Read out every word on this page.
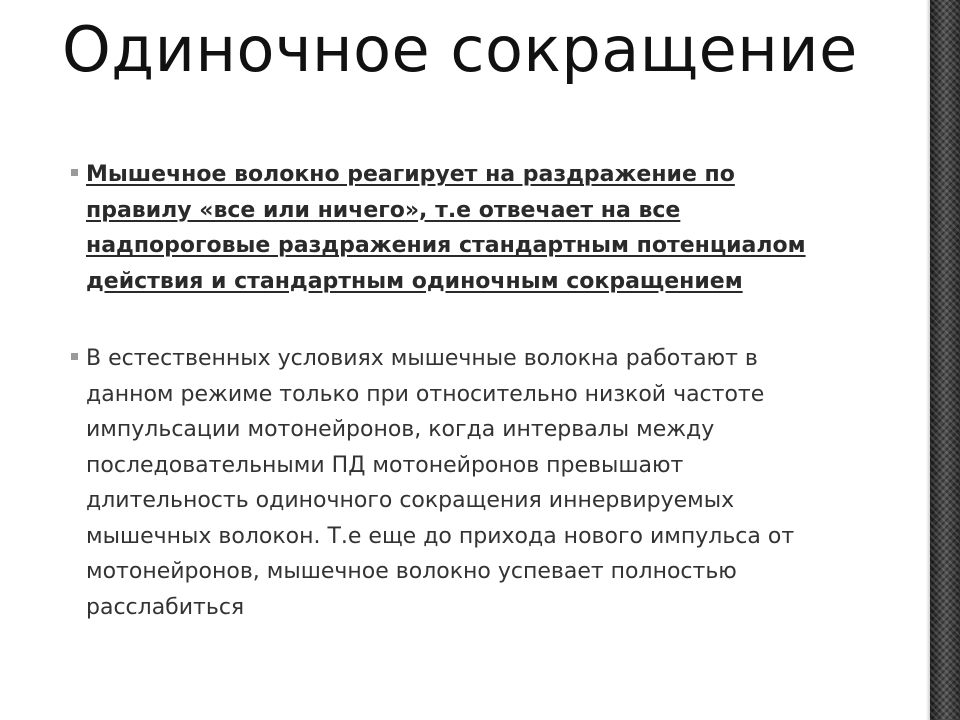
Одиночное сокращение
Мышечное волокно реагирует на раздражение по правилу «все или ничего», т.е отвечает на все надпороговые раздражения стандартным потенциалом действия и стандартным одиночным сокращением
В естественных условиях мышечные волокна работают в данном режиме только при относительно низкой частоте импульсации мотонейронов, когда интервалы между последовательными ПД мотонейронов превышают длительность одиночного сокращения иннервируемых мышечных волокон. Т.е еще до прихода нового импульса от мотонейронов, мышечное волокно успевает полностью расслабиться
